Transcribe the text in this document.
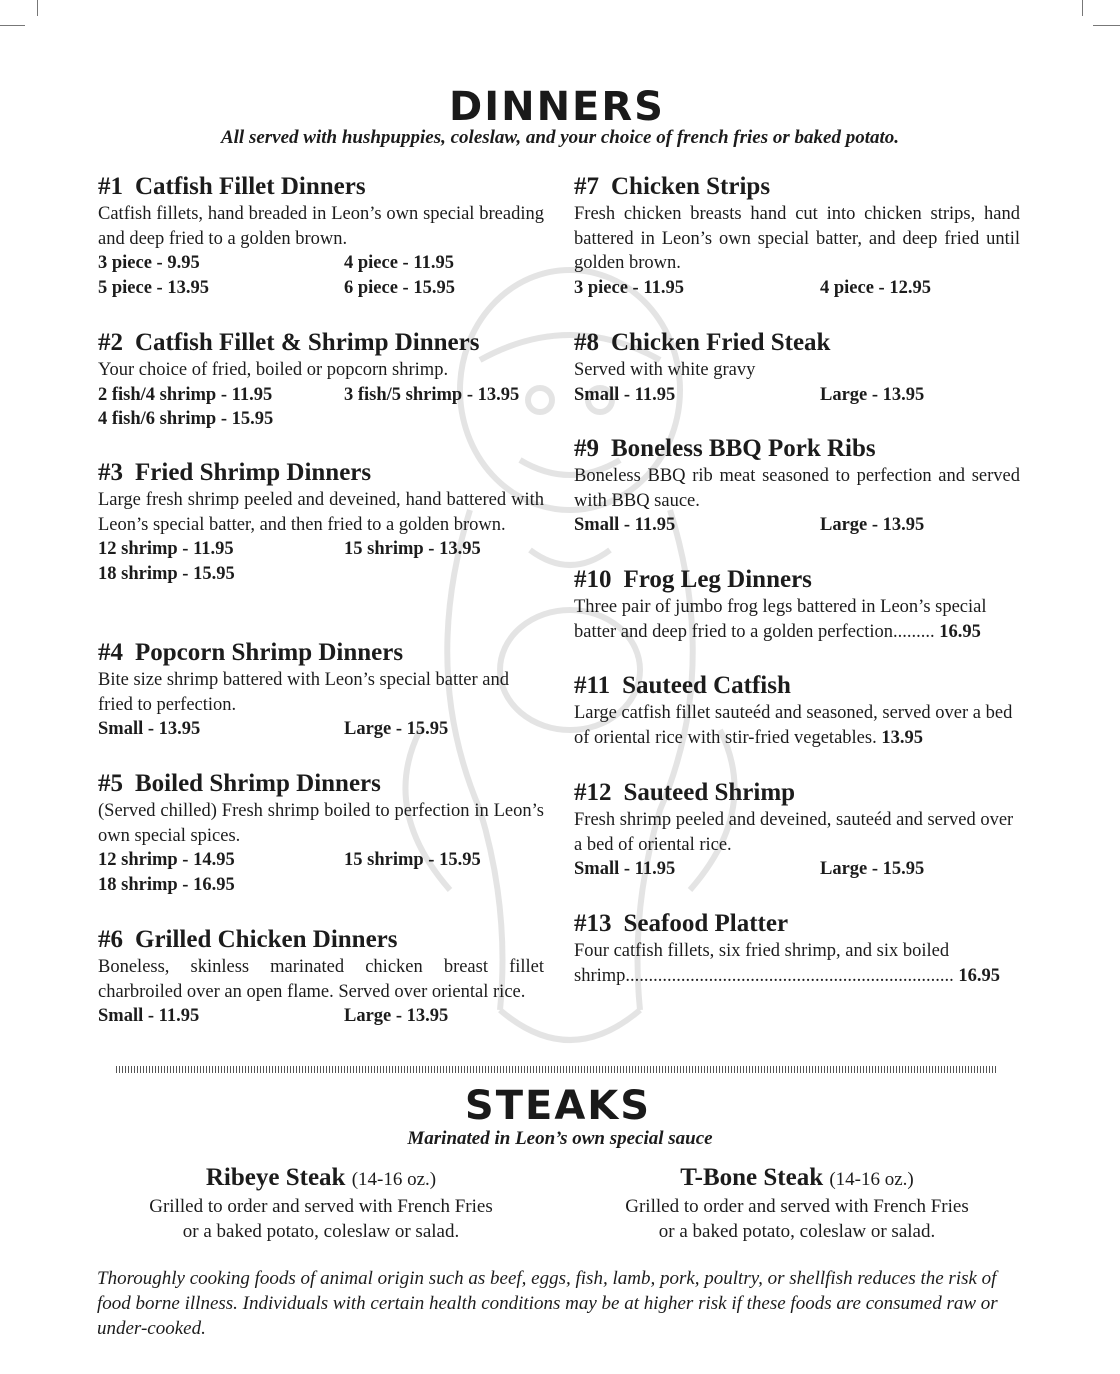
DINNERS
All served with hushpuppies, coleslaw, and your choice of french fries or baked potato.
#1 Catfish Fillet Dinners
Catfish fillets, hand breaded in Leon’s own special breading and deep fried to a golden brown.
3 piece - 9.95	4 piece - 11.95
5 piece - 13.95	6 piece - 15.95
#2 Catfish Fillet & Shrimp Dinners
Your choice of fried, boiled or popcorn shrimp.
2 fish/4 shrimp - 11.95	3 fish/5 shrimp - 13.95
4 fish/6 shrimp - 15.95
#3 Fried Shrimp Dinners
Large fresh shrimp peeled and deveined, hand battered with Leon’s special batter, and then fried to a golden brown.
12 shrimp - 11.95	15 shrimp - 13.95
18 shrimp - 15.95
#4 Popcorn Shrimp Dinners
Bite size shrimp battered with Leon’s special batter and fried to perfection.
Small - 13.95	Large - 15.95
#5 Boiled Shrimp Dinners
(Served chilled) Fresh shrimp boiled to perfection in Leon’s own special spices.
12 shrimp - 14.95	15 shrimp - 15.95
18 shrimp - 16.95
#6 Grilled Chicken Dinners
Boneless, skinless marinated chicken breast fillet charbroiled over an open flame. Served over oriental rice.
Small - 11.95	Large - 13.95
#7 Chicken Strips
Fresh chicken breasts hand cut into chicken strips, hand battered in Leon’s own special batter, and deep fried until golden brown.
3 piece - 11.95	4 piece - 12.95
#8 Chicken Fried Steak
Served with white gravy
Small - 11.95	Large - 13.95
#9 Boneless BBQ Pork Ribs
Boneless BBQ rib meat seasoned to perfection and served with BBQ sauce.
Small - 11.95	Large - 13.95
#10 Frog Leg Dinners
Three pair of jumbo frog legs battered in Leon’s special batter and deep fried to a golden perfection......... 16.95
#11 Sauteed Catfish
Large catfish fillet sauteéd and seasoned, served over a bed of oriental rice with stir-fried vegetables. 13.95
#12 Sauteed Shrimp
Fresh shrimp peeled and deveined, sauteéd and served over a bed of oriental rice.
Small - 11.95	Large - 15.95
#13 Seafood Platter
Four catfish fillets, six fried shrimp, and six boiled shrimp....................................................................... 16.95
STEAKS
Marinated in Leon’s own special sauce
Ribeye Steak (14-16 oz.)
Grilled to order and served with French Fries
or a baked potato, coleslaw or salad.
T-Bone Steak (14-16 oz.)
Grilled to order and served with French Fries
or a baked potato, coleslaw or salad.
Thoroughly cooking foods of animal origin such as beef, eggs, fish, lamb, pork, poultry, or shellfish reduces the risk of food borne illness. Individuals with certain health conditions may be at higher risk if these foods are consumed raw or under-cooked.
